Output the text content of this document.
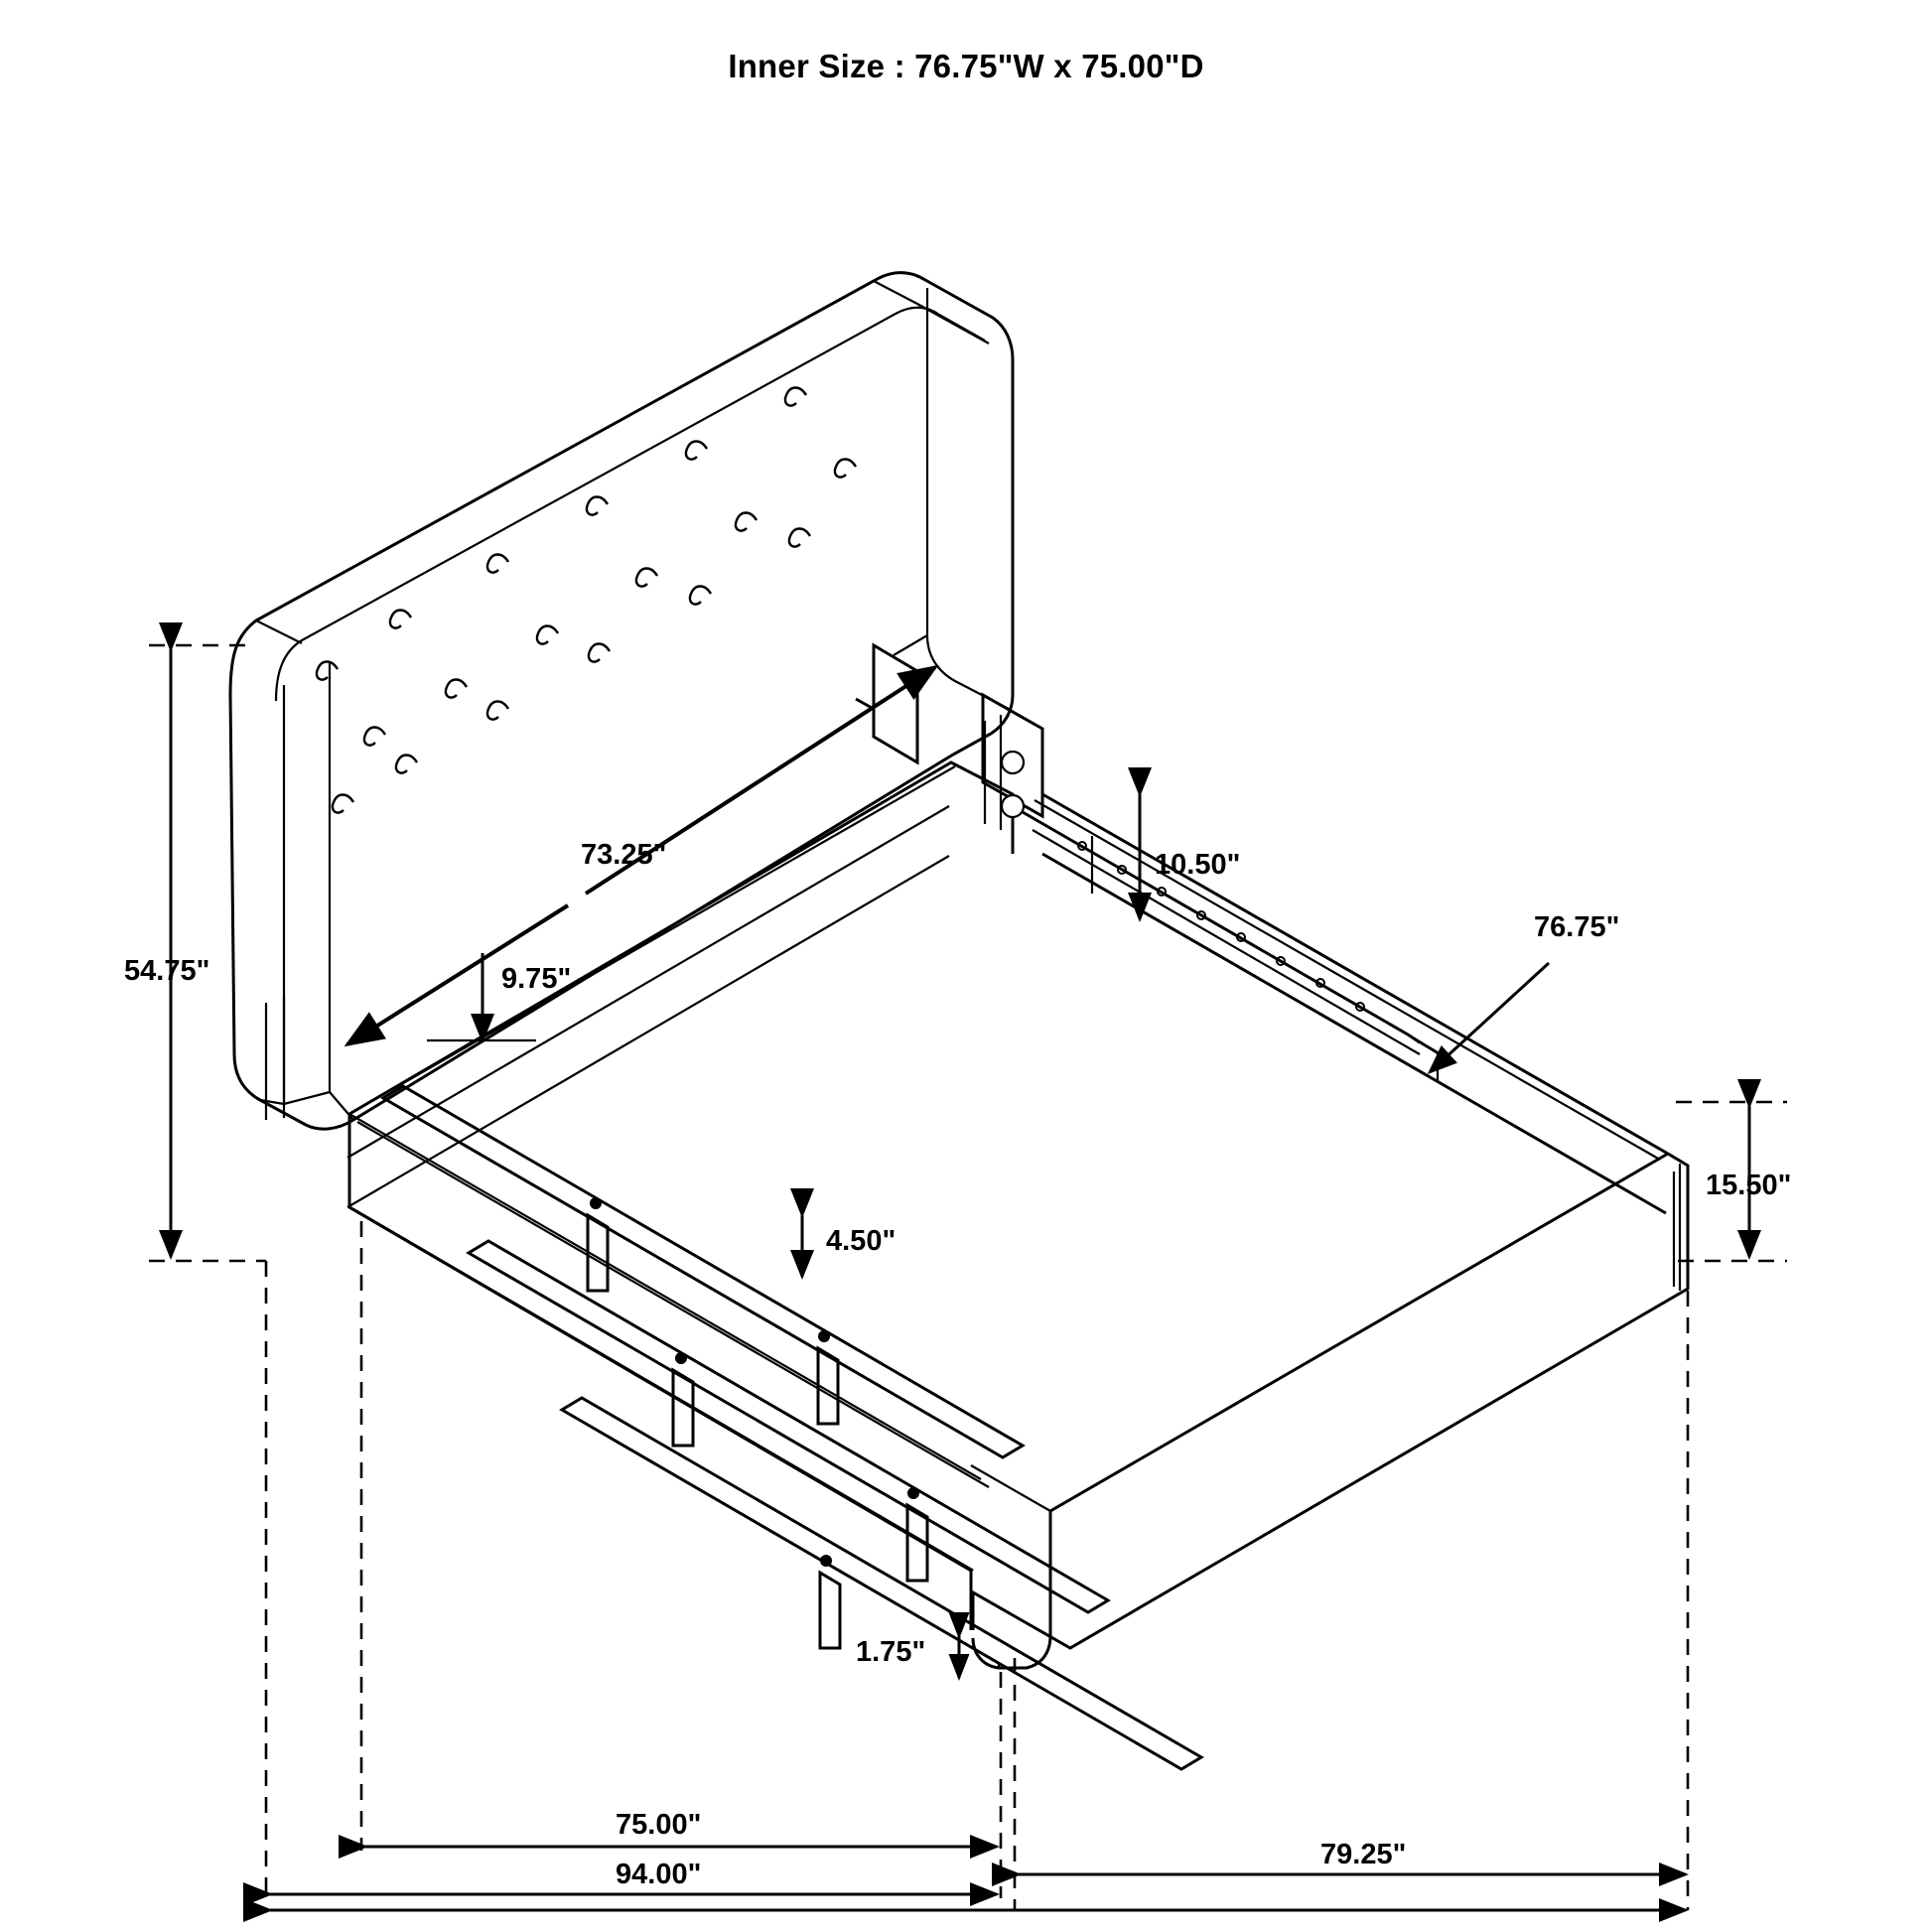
Inner Size : 76.75"W x 75.00"D
54.75"
73.25"
9.75"
10.50"
76.75"
15.50"
4.50"
1.75"
75.00"
94.00"
79.25"
